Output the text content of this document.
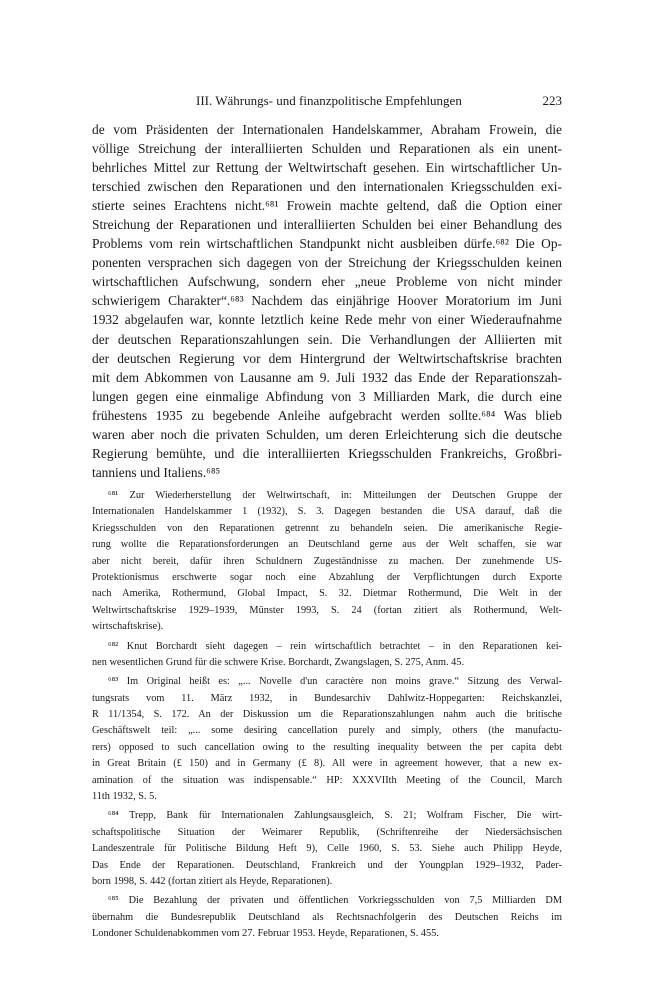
III. Währungs- und finanzpolitische Empfehlungen	223
de vom Präsidenten der Internationalen Handelskammer, Abraham Frowein, die
völlige Streichung der interalliierten Schulden und Reparationen als ein unent-
behrliches Mittel zur Rettung der Weltwirtschaft gesehen. Ein wirtschaftlicher Un-
terschied zwischen den Reparationen und den internationalen Kriegsschulden exi-
stierte seines Erachtens nicht.⁶⁸¹ Frowein machte geltend, daß die Option einer
Streichung der Reparationen und interalliierten Schulden bei einer Behandlung des
Problems vom rein wirtschaftlichen Standpunkt nicht ausbleiben dürfe.⁶⁸² Die Op-
ponenten versprachen sich dagegen von der Streichung der Kriegsschulden keinen
wirtschaftlichen Aufschwung, sondern eher „neue Probleme von nicht minder
schwierigem Charakter“.⁶⁸³ Nachdem das einjährige Hoover Moratorium im Juni
1932 abgelaufen war, konnte letztlich keine Rede mehr von einer Wiederaufnahme
der deutschen Reparationszahlungen sein. Die Verhandlungen der Alliierten mit
der deutschen Regierung vor dem Hintergrund der Weltwirtschaftskrise brachten
mit dem Abkommen von Lausanne am 9. Juli 1932 das Ende der Reparationszah-
lungen gegen eine einmalige Abfindung von 3 Milliarden Mark, die durch eine
frühestens 1935 zu begebende Anleihe aufgebracht werden sollte.⁶⁸⁴ Was blieb
waren aber noch die privaten Schulden, um deren Erleichterung sich die deutsche
Regierung bemühte, und die interalliierten Kriegsschulden Frankreichs, Großbri-
tanniens und Italiens.⁶⁸⁵
⁶⁸¹ Zur Wiederherstellung der Weltwirtschaft, in: Mitteilungen der Deutschen Gruppe der
Internationalen Handelskammer 1 (1932), S. 3. Dagegen bestanden die USA darauf, daß die
Kriegsschulden von den Reparationen getrennt zu behandeln seien. Die amerikanische Regie-
rung wollte die Reparationsforderungen an Deutschland gerne aus der Welt schaffen, sie war
aber nicht bereit, dafür ihren Schuldnern Zugeständnisse zu machen. Der zunehmende US-
Protektionismus erschwerte sogar noch eine Abzahlung der Verpflichtungen durch Exporte
nach Amerika, Rothermund, Global Impact, S. 32. Dietmar Rothermund, Die Welt in der
Weltwirtschaftskrise 1929–1939, Münster 1993, S. 24 (fortan zitiert als Rothermund, Welt-
wirtschaftskrise).
⁶⁸² Knut Borchardt sieht dagegen – rein wirtschaftlich betrachtet – in den Reparationen kei-
nen wesentlichen Grund für die schwere Krise. Borchardt, Zwangslagen, S. 275, Anm. 45.
⁶⁸³ Im Original heißt es: „... Novelle d'un caractère non moins grave.“ Sitzung des Verwal-
tungsrats vom 11. März 1932, in Bundesarchiv Dahlwitz-Hoppegarten: Reichskanzlei,
R 11/1354, S. 172. An der Diskussion um die Reparationszahlungen nahm auch die britische
Geschäftswelt teil: „... some desiring cancellation purely and simply, others (the manufactu-
rers) opposed to such cancellation owing to the resulting inequality between the per capita debt
in Great Britain (£ 150) and in Germany (£ 8). All were in agreement however, that a new ex-
amination of the situation was indispensable.“ HP: XXXVIIth Meeting of the Council, March
11th 1932, S. 5.
⁶⁸⁴ Trepp, Bank für Internationalen Zahlungsausgleich, S. 21; Wolfram Fischer, Die wirt-
schaftspolitische Situation der Weimarer Republik, (Schriftenreihe der Niedersächsischen
Landeszentrale für Politische Bildung Heft 9), Celle 1960, S. 53. Siehe auch Philipp Heyde,
Das Ende der Reparationen. Deutschland, Frankreich und der Youngplan 1929–1932, Pader-
born 1998, S. 442 (fortan zitiert als Heyde, Reparationen).
⁶⁸⁵ Die Bezahlung der privaten und öffentlichen Vorkriegsschulden von 7,5 Milliarden DM
übernahm die Bundesrepublik Deutschland als Rechtsnachfolgerin des Deutschen Reichs im
Londoner Schuldenabkommen vom 27. Februar 1953. Heyde, Reparationen, S. 455.
